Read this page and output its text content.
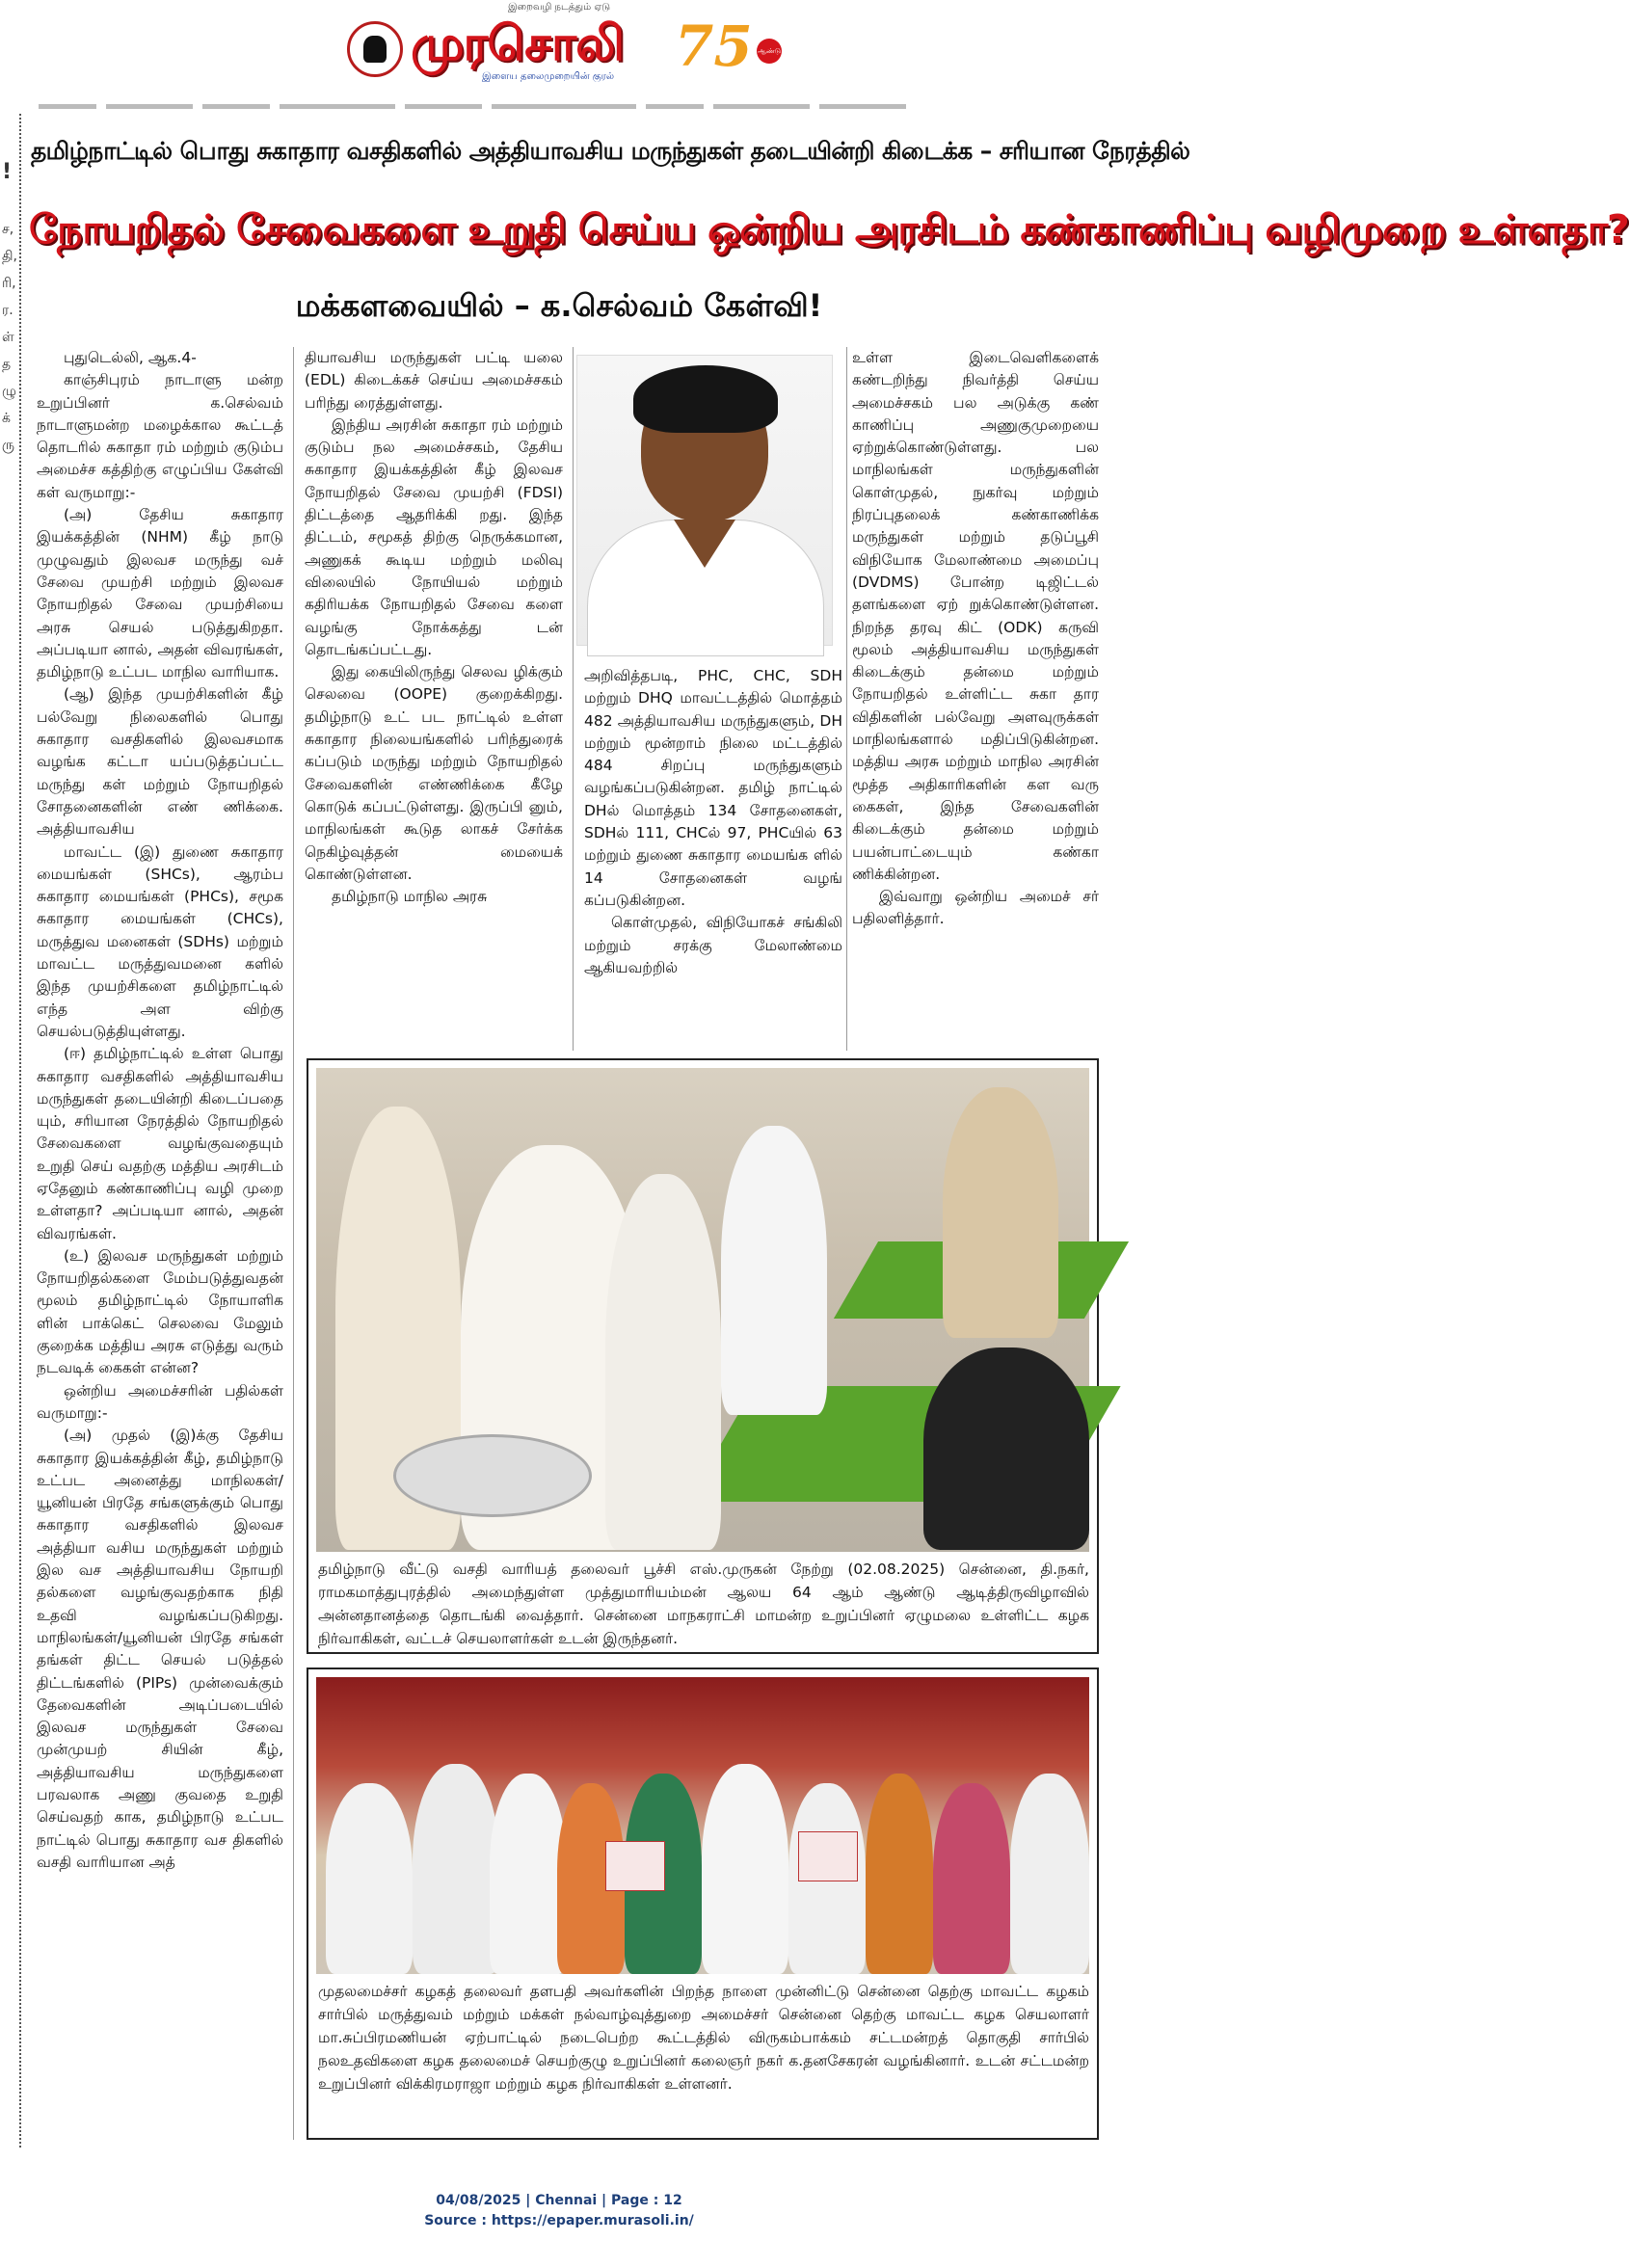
இறைவழி நடத்தும் ஏடு
முரசொலி
இளைய தலைமுறையின் குரல் 75 ஆண்டு
!
ச,
தி,
ரி,
ர.
ள்
த
ழு
க்
ரு
தமிழ்நாட்டில் பொது சுகாதார வசதிகளில் அத்தியாவசிய மருந்துகள் தடையின்றி கிடைக்க – சரியான நேரத்தில்
நோயறிதல் சேவைகளை உறுதி செய்ய ஒன்றிய அரசிடம் கண்காணிப்பு வழிமுறை உள்ளதா?
மக்களவையில் – க.செல்வம் கேள்வி!

புதுடெல்லி, ஆக.4-

காஞ்சிபுரம் நாடாளு மன்ற உறுப்பினர் க.செல்வம் நாடாளுமன்ற மழைக்கால கூட்டத் தொடரில் சுகாதா ரம் மற்றும் குடும்ப அமைச்ச கத்திற்கு எழுப்பிய கேள்வி கள் வருமாறு:-

(அ) தேசிய சுகாதார இயக்கத்தின் (NHM) கீழ் நாடு முழுவதும் இலவச மருந்து வச் சேவை முயற்சி மற்றும் இலவச நோயறிதல் சேவை முயற்சியை அரசு செயல் படுத்துகிறதா. அப்படியா னால், அதன் விவரங்கள், தமிழ்நாடு உட்பட மாநில வாரியாக.

(ஆ) இந்த முயற்சிகளின் கீழ் பல்வேறு நிலைகளில் பொது சுகாதார வசதிகளில் இலவசமாக வழங்க கட்டா யப்படுத்தப்பட்ட மருந்து கள் மற்றும் நோயறிதல் சோதனைகளின் எண் ணிக்கை. அத்தியாவசிய

மாவட்ட (இ) துணை சுகாதார மையங்கள் (SHCs), ஆரம்ப சுகாதார மையங்கள் (PHCs), சமூக சுகாதார மையங்கள் (CHCs), மருத்துவ மனைகள் (SDHs) மற்றும் மாவட்ட மருத்துவமனை களில் இந்த முயற்சிகளை தமிழ்நாட்டில் எந்த அள விற்கு செயல்படுத்தியுள்ளது.

(ஈ) தமிழ்நாட்டில் உள்ள பொது சுகாதார வசதிகளில் அத்தியாவசிய மருந்துகள் தடையின்றி கிடைப்பதை யும், சரியான நேரத்தில் நோயறிதல் சேவைகளை வழங்குவதையும் உறுதி செய் வதற்கு மத்திய அரசிடம் ஏதேனும் கண்காணிப்பு வழி முறை உள்ளதா? அப்படியா னால், அதன் விவரங்கள்.

(உ) இலவச மருந்துகள் மற்றும் நோயறிதல்களை மேம்படுத்துவதன் மூலம் தமிழ்நாட்டில் நோயாளிக ளின் பாக்கெட் செலவை மேலும் குறைக்க மத்திய அரசு எடுத்து வரும் நடவடிக் கைகள் என்ன?

ஒன்றிய அமைச்சரின் பதில்கள் வருமாறு:-

(அ) முதல் (இ)க்கு தேசிய சுகாதார இயக்கத்தின் கீழ், தமிழ்நாடு உட்பட அனைத்து மாநிலகள்/யூனியன் பிரதே சங்களுக்கும் பொது சுகாதார வசதிகளில் இலவச அத்தியா வசிய மருந்துகள் மற்றும் இல வச அத்தியாவசிய நோயறி தல்களை வழங்குவதற்காக நிதி உதவி வழங்கப்படுகிறது. மாநிலங்கள்/யூனியன் பிரதே சங்கள் தங்கள் திட்ட செயல் படுத்தல் திட்டங்களில் (PIPs) முன்வைக்கும் தேவைகளின் அடிப்படையில் இலவச மருந்துகள் சேவை முன்முயற் சியின் கீழ், அத்தியாவசிய மருந்துகளை பரவலாக அணு குவதை உறுதி செய்வதற் காக, தமிழ்நாடு உட்பட நாட்டில் பொது சுகாதார வச திகளில் வசதி வாரியான அத்

தியாவசிய மருந்துகள் பட்டி யலை (EDL) கிடைக்கச் செய்ய அமைச்சகம் பரிந்து ரைத்துள்ளது.

இந்திய அரசின் சுகாதா ரம் மற்றும் குடும்ப நல அமைச்சகம், தேசிய சுகாதார இயக்கத்தின் கீழ் இலவச நோயறிதல் சேவை முயற்சி (FDSI) திட்டத்தை ஆதரிக்கி றது. இந்த திட்டம், சமூகத் திற்கு நெருக்கமான, அணுகக் கூடிய மற்றும் மலிவு விலையில் நோயியல் மற்றும் கதிரியக்க நோயறிதல் சேவை களை வழங்கு நோக்கத்து டன் தொடங்கப்பட்டது.

இது கையிலிருந்து செலவ ழிக்கும் செலவை (OOPE) குறைக்கிறது. தமிழ்நாடு உட் பட நாட்டில் உள்ள சுகாதார நிலையங்களில் பரிந்துரைக் கப்படும் மருந்து மற்றும் நோயறிதல் சேவைகளின் எண்ணிக்கை கீழே கொடுக் கப்பட்டுள்ளது. இருப்பி னும், மாநிலங்கள் கூடுத லாகச் சேர்க்க நெகிழ்வுத்தன் மையைக் கொண்டுள்ளன.

தமிழ்நாடு மாநில அரசு

அறிவித்தபடி, PHC, CHC, SDH மற்றும் DHQ மாவட்டத்தில் மொத்தம் 482 அத்தியாவசிய மருந்துகளும், DH மற்றும் மூன்றாம் நிலை மட்டத்தில் 484 சிறப்பு மருந்துகளும் வழங்கப்படுகின்றன. தமிழ் நாட்டில் DHல் மொத்தம் 134 சோதனைகள், SDHல் 111, CHCல் 97, PHCயில் 63 மற்றும் துணை சுகாதார மையங்க ளில் 14 சோதனைகள் வழங் கப்படுகின்றன.

கொள்முதல், விநியோகச் சங்கிலி மற்றும் சரக்கு மேலாண்மை ஆகியவற்றில்

உள்ள இடைவெளிகளைக் கண்டறிந்து நிவர்த்தி செய்ய அமைச்சகம் பல அடுக்கு கண் காணிப்பு அணுகுமுறையை ஏற்றுக்கொண்டுள்ளது. பல மாநிலங்கள் மருந்துகளின் கொள்முதல், நுகர்வு மற்றும் நிரப்புதலைக் கண்காணிக்க மருந்துகள் மற்றும் தடுப்பூசி விநியோக மேலாண்மை அமைப்பு (DVDMS) போன்ற டிஜிட்டல் தளங்களை ஏற் றுக்கொண்டுள்ளன. நிறந்த தரவு கிட் (ODK) கருவி மூலம் அத்தியாவசிய மருந்துகள் கிடைக்கும் தன்மை மற்றும் நோயறிதல் உள்ளிட்ட சுகா தார விதிகளின் பல்வேறு அளவுருக்கள் மாநிலங்களால் மதிப்பிடுகின்றன. மத்திய அரசு மற்றும் மாநில அரசின் மூத்த அதிகாரிகளின் கள வரு கைகள், இந்த சேவைகளின் கிடைக்கும் தன்மை மற்றும் பயன்பாட்டையும் கண்கா ணிக்கின்றன.

இவ்வாறு ஒன்றிய அமைச் சர் பதிலளித்தார்.

தமிழ்நாடு வீட்டு வசதி வாரியத் தலைவர் பூச்சி எஸ்.முருகன் நேற்று (02.08.2025) சென்னை, தி.நகர், ராமகமாத்துபுரத்தில் அமைந்துள்ள முத்துமாரியம்மன் ஆலய 64 ஆம் ஆண்டு ஆடித்திருவிழாவில் அன்னதானத்தை தொடங்கி வைத்தார். சென்னை மாநகராட்சி மாமன்ற உறுப்பினர் ஏழுமலை உள்ளிட்ட கழக நிர்வாகிகள், வட்டச் செயலாளர்கள் உடன் இருந்தனர்.
முதலமைச்சர் கழகத் தலைவர் தளபதி அவர்களின் பிறந்த நாளை முன்னிட்டு சென்னை தெற்கு மாவட்ட கழகம் சார்பில் மருத்துவம் மற்றும் மக்கள் நல்வாழ்வுத்துறை அமைச்சர் சென்னை தெற்கு மாவட்ட கழக செயலாளர் மா.சுப்பிரமணியன் ஏற்பாட்டில் நடைபெற்ற கூட்டத்தில் விருகம்பாக்கம் சட்டமன்றத் தொகுதி சார்பில் நலஉதவிகளை கழக தலைமைச் செயற்குழு உறுப்பினர் கலைஞர் நகர் க.தனசேகரன் வழங்கினார். உடன் சட்டமன்ற உறுப்பினர் விக்கிரமராஜா மற்றும் கழக நிர்வாகிகள் உள்ளனர்.
04/08/2025 | Chennai | Page : 12
Source : https://epaper.murasoli.in/
